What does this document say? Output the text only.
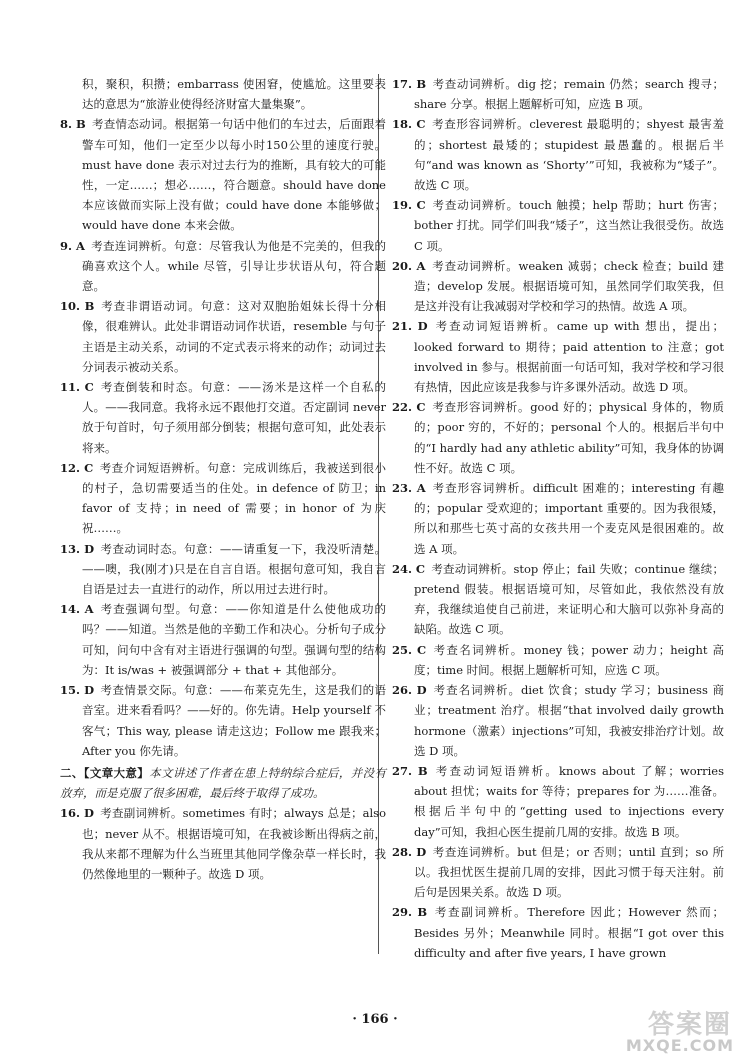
积，聚积，积攒；embarrass 使困窘，使尴尬。这里要表达的意思为“旅游业使得经济财富大量集聚”。
8. B 考查情态动词。根据第一句话中他们的车过去，后面跟着警车可知，他们一定至少以每小时150公里的速度行驶。must have done 表示对过去行为的推断，具有较大的可能性，一定……；想必……，符合题意。should have done 本应该做而实际上没有做；could have done 本能够做；would have done 本来会做。
9. A 考查连词辨析。句意：尽管我认为他是不完美的，但我的确喜欢这个人。while 尽管，引导让步状语从句，符合题意。
10. B 考查非谓语动词。句意：这对双胞胎姐妹长得十分相像，很难辨认。此处非谓语动词作状语，resemble 与句子主语是主动关系，动词的不定式表示将来的动作；动词过去分词表示被动关系。
11. C 考查倒装和时态。句意：——汤米是这样一个自私的人。——我同意。我将永远不跟他打交道。否定副词 never 放于句首时，句子须用部分倒装；根据句意可知，此处表示将来。
12. C 考查介词短语辨析。句意：完成训练后，我被送到很小的村子，急切需要适当的住处。in defence of 防卫；in favor of 支持；in need of 需要；in honor of 为庆祝……。
13. D 考查动词时态。句意：——请重复一下，我没听清楚。——噢，我(刚才)只是在自言自语。根据句意可知，我自言自语是过去一直进行的动作，所以用过去进行时。
14. A 考查强调句型。句意：——你知道是什么使他成功的吗？——知道。当然是他的辛勤工作和决心。分析句子成分可知，问句中含有对主语进行强调的句型。强调句型的结构为：It is/was + 被强调部分 + that + 其他部分。
15. D 考查情景交际。句意：——布莱克先生，这是我们的语音室。进来看看吗？——好的。你先请。Help yourself 不客气；This way, please 请走这边；Follow me 跟我来；After you 你先请。
二、【文章大意】本文讲述了作者在患上特纳综合症后，并没有放弃，而是克服了很多困难，最后终于取得了成功。
16. D 考查副词辨析。sometimes 有时；always 总是；also 也；never 从不。根据语境可知，在我被诊断出得病之前，我从来都不理解为什么当班里其他同学像杂草一样长时，我仍然像地里的一颗种子。故选 D 项。
17. B 考查动词辨析。dig 挖；remain 仍然；search 搜寻；share 分享。根据上题解析可知，应选 B 项。
18. C 考查形容词辨析。cleverest 最聪明的；shyest 最害羞的；shortest 最矮的；stupidest 最愚蠢的。根据后半句“and was known as ‘Shorty’”可知，我被称为“矮子”。故选 C 项。
19. C 考查动词辨析。touch 触摸；help 帮助；hurt 伤害；bother 打扰。同学们叫我“矮子”，这当然让我很受伤。故选 C 项。
20. A 考查动词辨析。weaken 减弱；check 检查；build 建造；develop 发展。根据语境可知，虽然同学们取笑我，但是这并没有让我减弱对学校和学习的热情。故选 A 项。
21. D 考查动词短语辨析。came up with 想出，提出；looked forward to 期待；paid attention to 注意；got involved in 参与。根据前面一句话可知，我对学校和学习很有热情，因此应该是我参与许多课外活动。故选 D 项。
22. C 考查形容词辨析。good 好的；physical 身体的，物质的；poor 穷的，不好的；personal 个人的。根据后半句中的“I hardly had any athletic ability”可知，我身体的协调性不好。故选 C 项。
23. A 考查形容词辨析。difficult 困难的；interesting 有趣的；popular 受欢迎的；important 重要的。因为我很矮，所以和那些七英寸高的女孩共用一个麦克风是很困难的。故选 A 项。
24. C 考查动词辨析。stop 停止；fail 失败；continue 继续；pretend 假装。根据语境可知，尽管如此，我依然没有放弃，我继续追使自己前进，来证明心和大脑可以弥补身高的缺陷。故选 C 项。
25. C 考查名词辨析。money 钱；power 动力；height 高度；time 时间。根据上题解析可知，应选 C 项。
26. D 考查名词辨析。diet 饮食；study 学习；business 商业；treatment 治疗。根据“that involved daily growth hormone（激素）injections”可知，我被安排治疗计划。故选 D 项。
27. B 考查动词短语辨析。knows about 了解；worries about 担忧；waits for 等待；prepares for 为……准备。根据后半句中的“getting used to injections every day”可知，我担心医生提前几周的安排。故选 B 项。
28. D 考查连词辨析。but 但是；or 否则；until 直到；so 所以。我担忧医生提前几周的安排，因此习惯于每天注射。前后句是因果关系。故选 D 项。
29. B 考查副词辨析。Therefore 因此；However 然而；Besides 另外；Meanwhile 同时。根据“I got over this difficulty and after five years, I have grown
· 166 ·	答案圈
MXQE.COM
